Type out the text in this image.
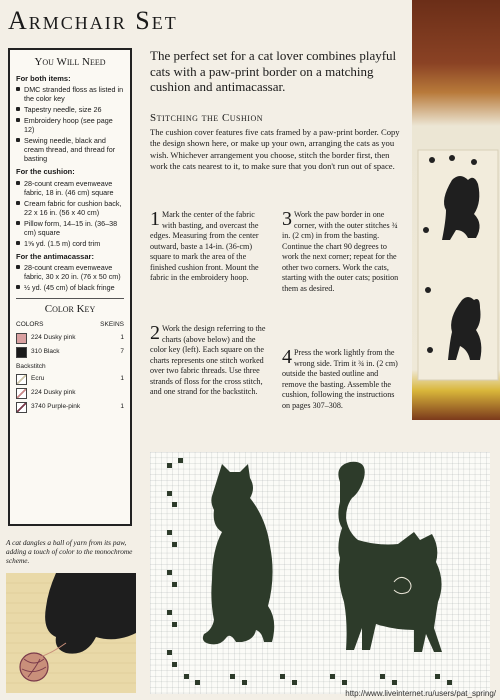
Armchair Set
You Will Need
For both items:
DMC stranded floss as listed in the color key
Tapestry needle, size 26
Embroidery hoop (see page 12)
Sewing needle, black and cream thread, and thread for basting
For the cushion:
28-count cream evenweave fabric, 18 in. (46 cm) square
Cream fabric for cushion back, 22 x 16 in. (56 x 40 cm)
Pillow form, 14–15 in. (36–38 cm) square
1⅝ yd. (1.5 m) cord trim
For the antimacassar:
28-count cream evenweave fabric, 30 x 20 in. (76 x 50 cm)
½ yd. (45 cm) of black fringe
Color Key
COLORS	SKEINS
224 Dusky pink	1
310 Black	7
Backstitch
Ecru	1
224 Dusky pink
3740 Purple-pink	1
The perfect set for a cat lover combines playful cats with a paw-print border on a matching cushion and antimacassar.
Stitching the Cushion
The cushion cover features five cats framed by a paw-print border. Copy the design shown here, or make up your own, arranging the cats as you wish. Whichever arrangement you choose, stitch the border first, then work the cats nearest to it, to make sure that you don't run out of space.
1 Mark the center of the fabric with basting, and overcast the edges. Measuring from the center outward, baste a 14-in. (36-cm) square to mark the area of the finished cushion front. Mount the fabric in the embroidery hoop.
2 Work the design referring to the charts (above below) and the color key (left). Each square on the charts represents one stitch worked over two fabric threads. Use three strands of floss for the cross stitch, and one strand for the backstitch.
3 Work the paw border in one corner, with the outer stitches ¾ in. (2 cm) in from the basting. Continue the chart 90 degrees to work the next corner; repeat for the other two corners. Work the cats, starting with the outer cats; position them as desired.
4 Press the work lightly from the wrong side. Trim it ¾ in. (2 cm) outside the basted outline and remove the basting. Assemble the cushion, following the instructions on pages 307–308.
A cat dangles a ball of yarn from its paw, adding a touch of color to the monochrome scheme.
http://www.liveinternet.ru/users/pat_spring/
